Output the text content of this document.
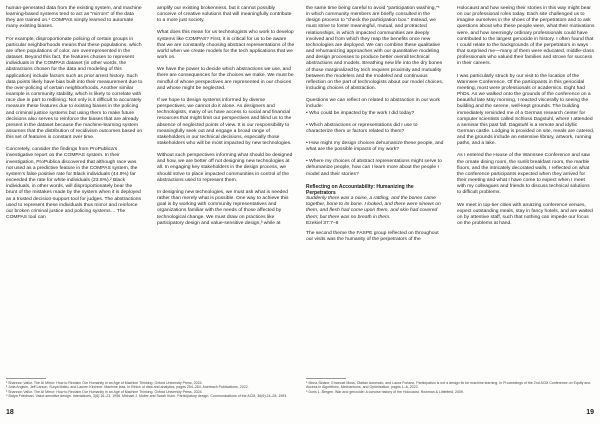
human-generated data from the existing system, and machine learning-based systems tend to act as “mirrors” of the data they are trained on.¹ COMPAS simply learned to automate many existing biases.

For example, disproportionate policing of certain groups in particular neighborhoods means that these populations, which are often populations of color, are overrepresented in the dataset. Beyond this fact, the features chosen to represent individuals in the COMPAS dataset (in other words, the abstractions chosen for the data and modeling of this application) include factors such as prior arrest history. Such data points likely have bias built into their measurement due to the over-policing of certain neighborhoods. Another similar example is community stability, which is likely to correlate with race due in part to redlining. Not only is it difficult to accurately measure these features due to existing biases in the policing and criminal justice systems but using them to make future decisions also serves to reinforce the biases that are already present in the dataset because the machine-learning system assumes that the distribution of recidivism outcomes based on this set of features is constant over time.

Concretely, consider the findings from ProPublica’s investigative report on the COMPAS system. In their investigation, ProPublica discovered that although race was not used as a predictive feature in the COMPAS system, the system’s false positive rate for Black individuals (44.9%) far exceeded the rate for white individuals (23.5%).² Black individuals, in other words, will disproportionately bear the brunt of the mistakes made by the system when it is deployed as a trusted decision-support tool for judges. The abstractions used to represent these individuals thus mirror and reinforce our broken criminal justice and policing systems… The COMPAS tool can

amplify our existing brokenness, but it cannot possibly conceive of creative solutions that will meaningfully contribute to a more just society.

What does this mean for us technologists who work to develop systems like COMPAS? First, it is critical for us to be aware that we are constantly choosing abstract representations of the world when we create models for the tech applications that we work on.

We have the power to decide which abstractions we use, and there are consequences for the choices we make. We must be mindful of whose perspectives are represented in our choices and whose might be neglected.

If we hope to design systems informed by diverse perspectives, we cannot do it alone. As designers and technologists, many of us have access to social and financial resources that might limit our perspectives and blind us to the absence of neglected points of view. It is our responsibility to meaningfully seek out and engage a broad range of stakeholders in our technical decisions, especially those stakeholders who will be most impacted by new technologies.

Without such perspectives informing what should be designed and how, we are better off not designing new technologies at all. In engaging key stakeholders in the design process, we should strive to place impacted communities in control of the abstractions used to represent them.

In designing new technologies, we must ask what is needed rather than merely what is possible. One way to achieve this goal is by working with community representatives and organizations familiar with the needs of those affected by technological change. We must draw on practices like participatory design and value-sensitive design,³ while at

¹ Shannon Vallor. The AI Mirror: How to Reclaim Our Humanity in an Age of Machine Thinking. Oxford University Press, 2024.
² Julia Angwin, Jeff Larson, Surya Mattu, and Lauren Kirchner. Machine bias. In Ethics of data and analytics, pages 254–264. Auerbach Publications, 2022.
³ Shannon Vallor. The AI Mirror: How to Reclaim Our Humanity in an Age of Machine Thinking. Oxford University Press, 2024.
⁴ Batya Friedman. Value-sensitive design. Interactions, 3(6):16–23, 1996. Michael J. Muller and Sarah Kuhn. Participatory design. Communications of the ACM, 36(6):24–28, 1993.
18

the same time being careful to avoid “participation washing,”⁵ in which community members are briefly consulted in the design process to “check the participation box.” Instead, we must strive to foster meaningful, mutual, and protracted relationships, in which impacted communities are deeply involved and from which they reap the benefits once new technologies are deployed. We can combine these qualitative and rehumanizing approaches with our quantitative modeling and design processes to produce better overall technical abstractions and models. Breathing new life into the dry bones of those marginalized by tech requires proximity and mutuality between the modelers and the modeled and continuous reflection on the part of technologists about our model choices, including choices of abstraction.

Questions we can reflect on related to abstraction in our work include:

• Who could be impacted by the work I did today?

• Which abstractions or representations did I use to characterize them or factors related to them?

• How might my design choices dehumanize these people, and what are the possible impacts of my work?

• Where my choices of abstract representations might serve to dehumanize people, how can I learn more about the people I model and their stories?

Reflecting on Accountability: Humanizing the Perpetrators

Suddenly there was a noise, a rattling, and the bones came together, bone to its bone. I looked, and there were sinews on them, and flesh had come upon them, and skin had covered them; but there was no breath in them.

Ezekiel 37:7–8

The second theme the FASPE group reflected on throughout our visits was the humanity of the perpetrators of the

Holocaust and how seeing their stories in this way might bear on our professional roles today. Each site challenged us to imagine ourselves in the shoes of the perpetrators and to ask questions about who these people were, what their motivations were, and how seemingly ordinary professionals could have contributed to the largest genocide in history. I often found that I could relate to the backgrounds of the perpetrators in ways that surprised me—many of them were educated, middle-class professionals who valued their families and strove for success in their careers.

I was particularly struck by our visit to the location of the Wannsee Conference. Of the participants in this genocidal meeting, most were professionals or academics. Eight had PhDs. As we walked onto the grounds of the conference on a beautiful late May morning, I reacted viscerally to seeing the building and the serene, well-kept grounds. The building immediately reminded me of a German research center for computer scientists called Schloss Dagstuhl, where I attended a seminar this past fall. Dagstuhl is a remote and idyllic German castle. Lodging is provided on site, meals are catered, and the grounds include an extensive library, artwork, running paths, and a lake.

As I entered the House of the Wannsee Conference and saw the ornate dining room, the sunlit breakfast room, the marble floors, and the intricately decorated walls, I reflected on what the conference participants expected when they arrived for their meeting and what I have come to expect when I meet with my colleagues and friends to discuss technical solutions to difficult problems.

We meet in top-tier cities with amazing conference venues, expect outstanding meals, stay in fancy hotels, and are waited on by attentive staff, such that nothing can impede our focus on the problems at hand.

⁵ Mona Sloane, Emanuel Moss, Olaitan Awomolo, and Laura Forlano. Participation is not a design fix for machine learning. In Proceedings of the 2nd ACM Conference on Equity and Access in Algorithms, Mechanisms, and Optimization, pages 1–6, 2022.
⁶ Doris L. Bergen. War and genocide: A concise history of the Holocaust. Rowman & Littlefield, 2009.
19
